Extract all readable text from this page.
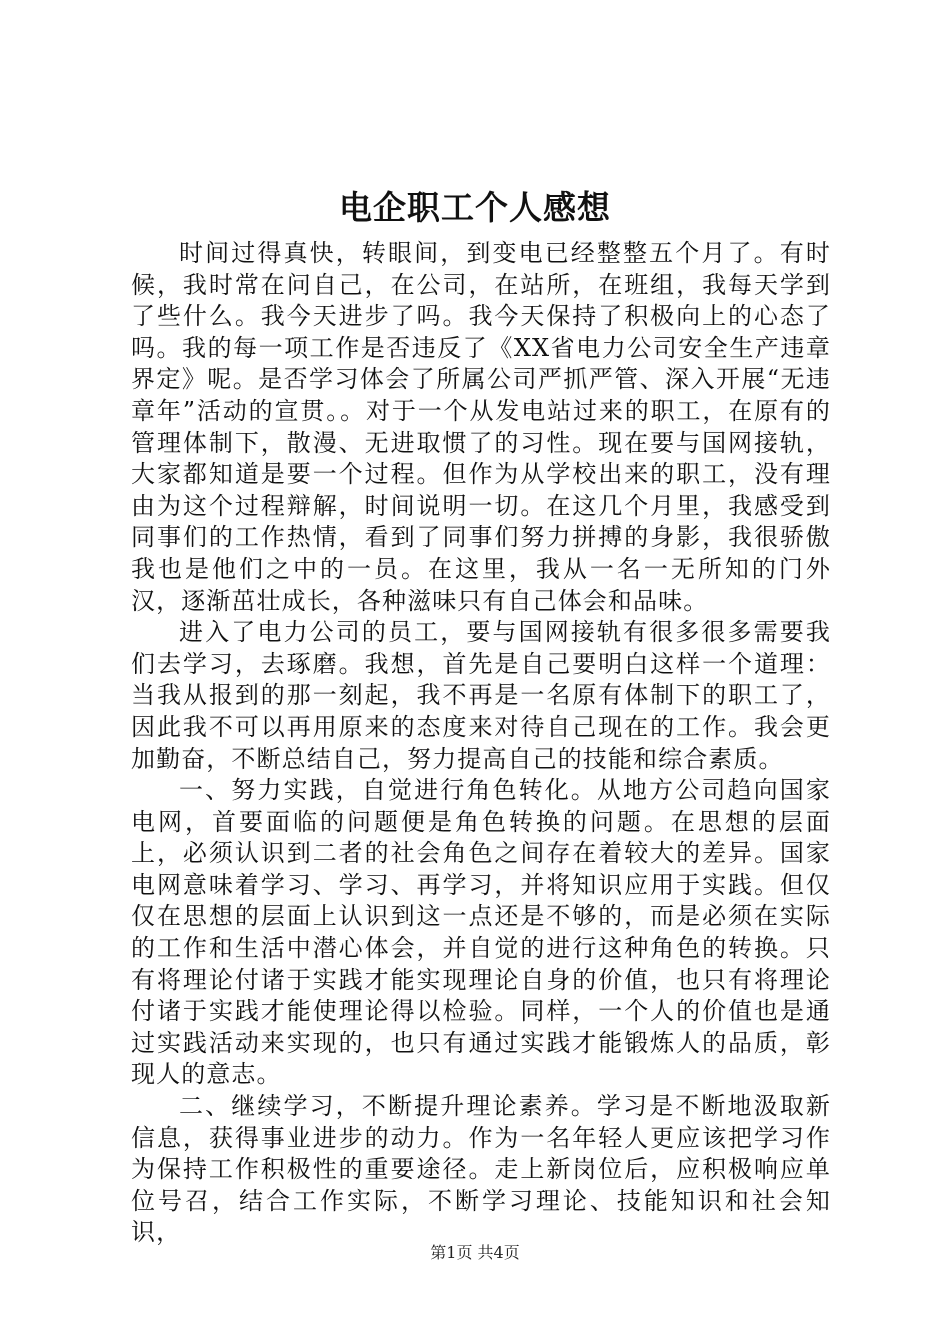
电企职工个人感想

时间过得真快，转眼间，到变电已经整整五个月了。有时候，我时常在问自己，在公司，在站所，在班组，我每天学到了些什么。我今天进步了吗。我今天保持了积极向上的心态了吗。我的每一项工作是否违反了《XX省电力公司安全生产违章界定》呢。是否学习体会了所属公司严抓严管、深入开展“无违章年”活动的宣贯。。对于一个从发电站过来的职工，在原有的管理体制下，散漫、无进取惯了的习性。现在要与国网接轨，大家都知道是要一个过程。但作为从学校出来的职工，没有理由为这个过程辩解，时间说明一切。在这几个月里，我感受到同事们的工作热情，看到了同事们努力拼搏的身影，我很骄傲我也是他们之中的一员。在这里，我从一名一无所知的门外汉，逐渐茁壮成长，各种滋味只有自己体会和品味。

进入了电力公司的员工，要与国网接轨有很多很多需要我们去学习，去琢磨。我想，首先是自己要明白这样一个道理：当我从报到的那一刻起，我不再是一名原有体制下的职工了，因此我不可以再用原来的态度来对待自己现在的工作。我会更加勤奋，不断总结自己，努力提高自己的技能和综合素质。

一、努力实践，自觉进行角色转化。从地方公司趋向国家电网，首要面临的问题便是角色转换的问题。在思想的层面上，必须认识到二者的社会角色之间存在着较大的差异。国家电网意味着学习、学习、再学习，并将知识应用于实践。但仅仅在思想的层面上认识到这一点还是不够的，而是必须在实际的工作和生活中潜心体会，并自觉的进行这种角色的转换。只有将理论付诸于实践才能实现理论自身的价值，也只有将理论付诸于实践才能使理论得以检验。同样，一个人的价值也是通过实践活动来实现的，也只有通过实践才能锻炼人的品质，彰现人的意志。

二、继续学习，不断提升理论素养。学习是不断地汲取新信息，获得事业进步的动力。作为一名年轻人更应该把学习作为保持工作积极性的重要途径。走上新岗位后，应积极响应单位号召，结合工作实际，不断学习理论、技能知识和社会知识，

第1页 共4页
